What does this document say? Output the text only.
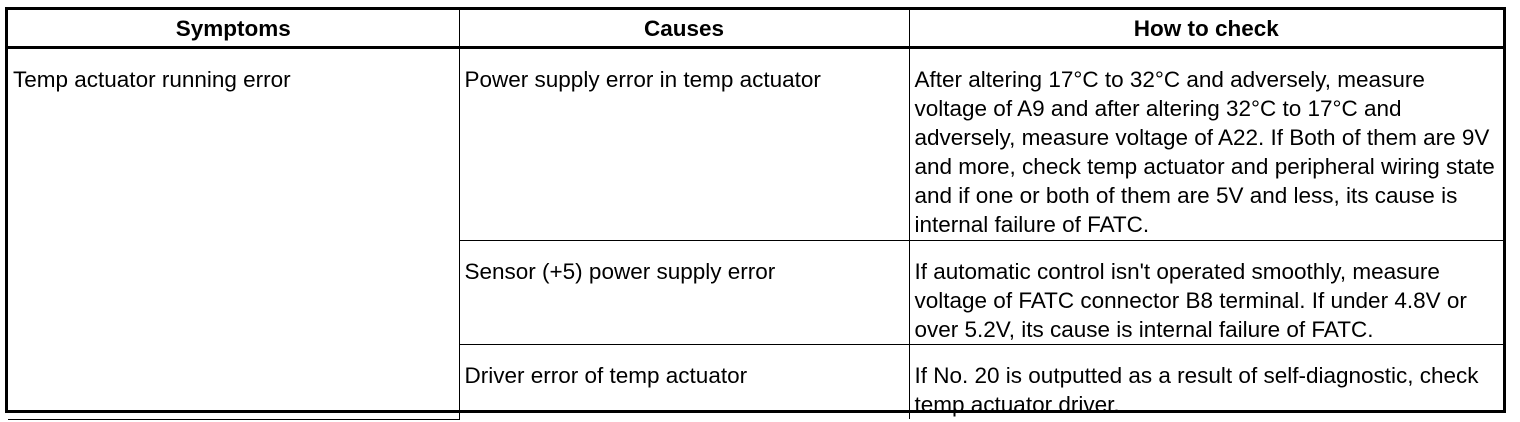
Symptoms	Causes	How to check

Temp actuator running error	Power supply error in temp actuator	After altering 17°C to 32°C and adversely, measure voltage of A9 and after altering 32°C to 17°C and adversely, measure voltage of A22. If Both of them are 9V and more, check temp actuator and peripheral wiring state and if one or both of them are 5V and less, its cause is internal failure of FATC.

	Sensor (+5) power supply error	If automatic control isn't operated smoothly, measure voltage of FATC connector B8 terminal. If under 4.8V or over 5.2V, its cause is internal failure of FATC.

	Driver error of temp actuator	If No. 20 is outputted as a result of self-diagnostic, check temp actuator driver.
